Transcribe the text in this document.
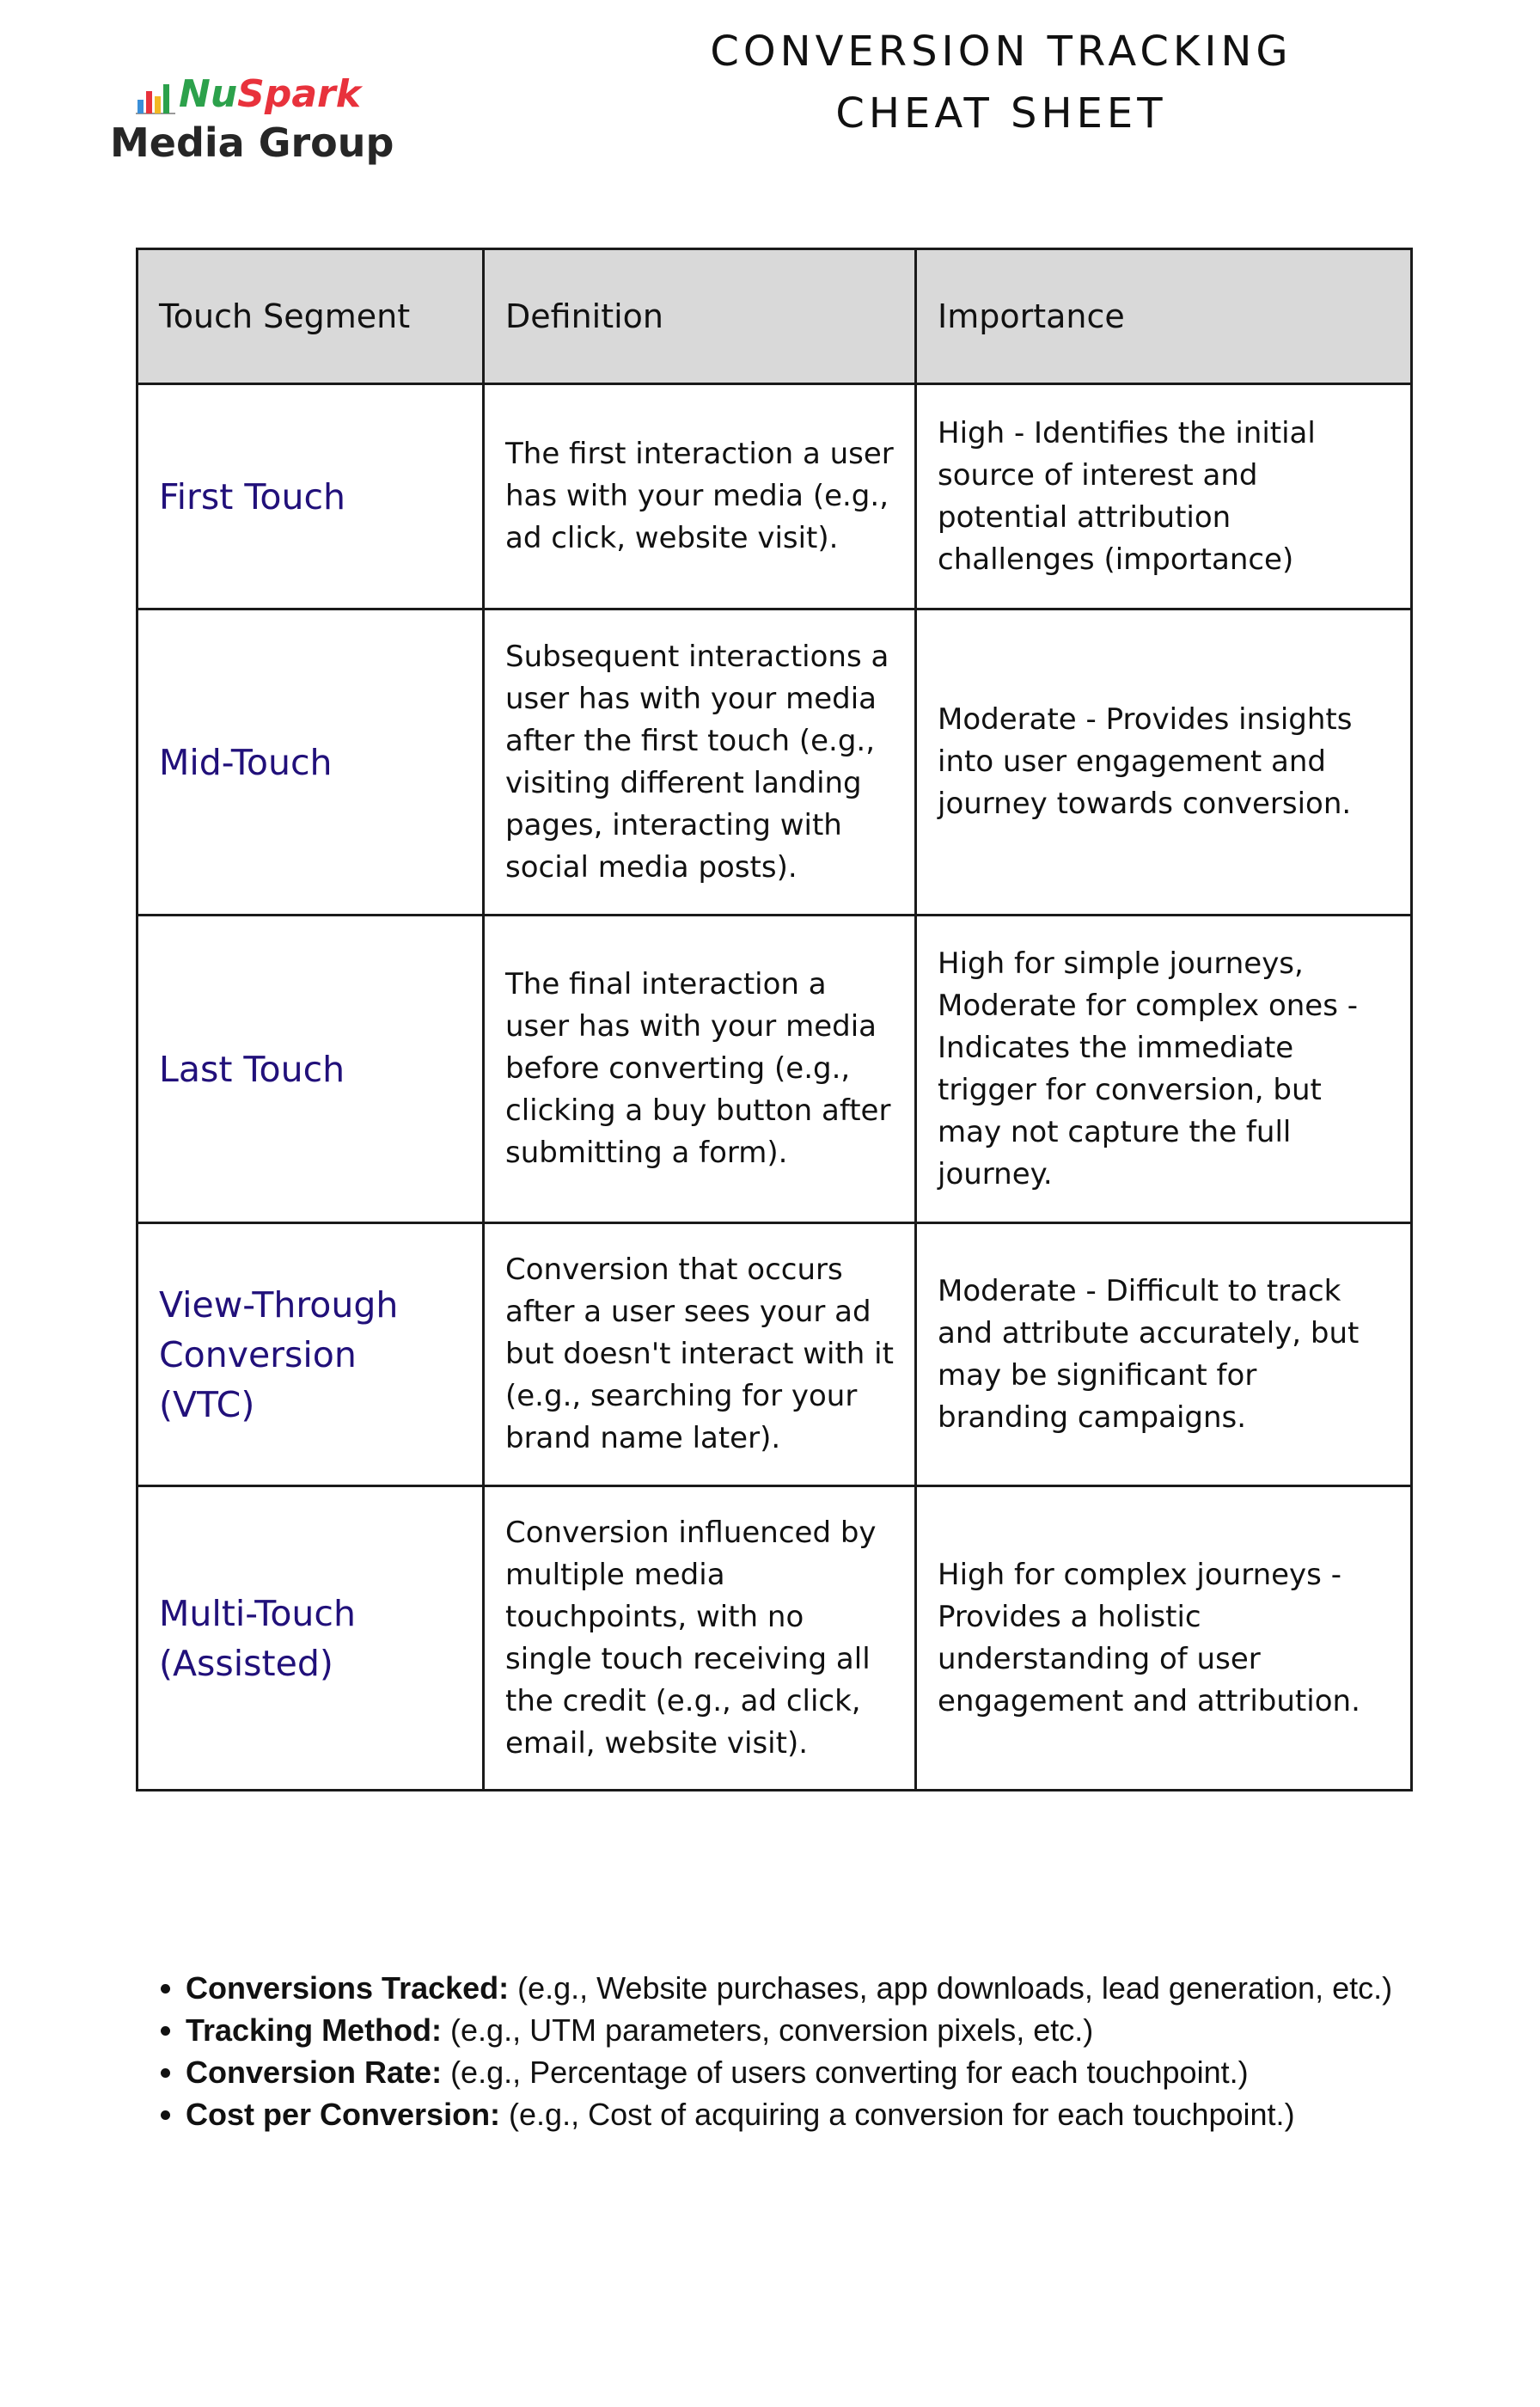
NuSpark
Media Group
CONVERSION TRACKING
CHEAT SHEET
Touch Segment	Definition	Importance
First Touch	The first interaction a user has with your media (e.g., ad click, website visit).	High - Identifies the initial source of interest and potential attribution challenges (importance)
Mid-Touch	Subsequent interactions a user has with your media after the first touch (e.g., visiting different landing pages, interacting with social media posts).	Moderate - Provides insights into user engagement and journey towards conversion.
Last Touch	The final interaction a user has with your media before converting (e.g., clicking a buy button after submitting a form).	High for simple journeys, Moderate for complex ones - Indicates the immediate trigger for conversion, but may not capture the full journey.
View-Through Conversion (VTC)	Conversion that occurs after a user sees your ad but doesn't interact with it (e.g., searching for your brand name later).	Moderate - Difficult to track and attribute accurately, but may be significant for branding campaigns.
Multi-Touch (Assisted)	Conversion influenced by multiple media touchpoints, with no single touch receiving all the credit (e.g., ad click, email, website visit).	High for complex journeys - Provides a holistic understanding of user engagement and attribution.
• Conversions Tracked: (e.g., Website purchases, app downloads, lead generation, etc.)
• Tracking Method: (e.g., UTM parameters, conversion pixels, etc.)
• Conversion Rate: (e.g., Percentage of users converting for each touchpoint.)
• Cost per Conversion: (e.g., Cost of acquiring a conversion for each touchpoint.)
